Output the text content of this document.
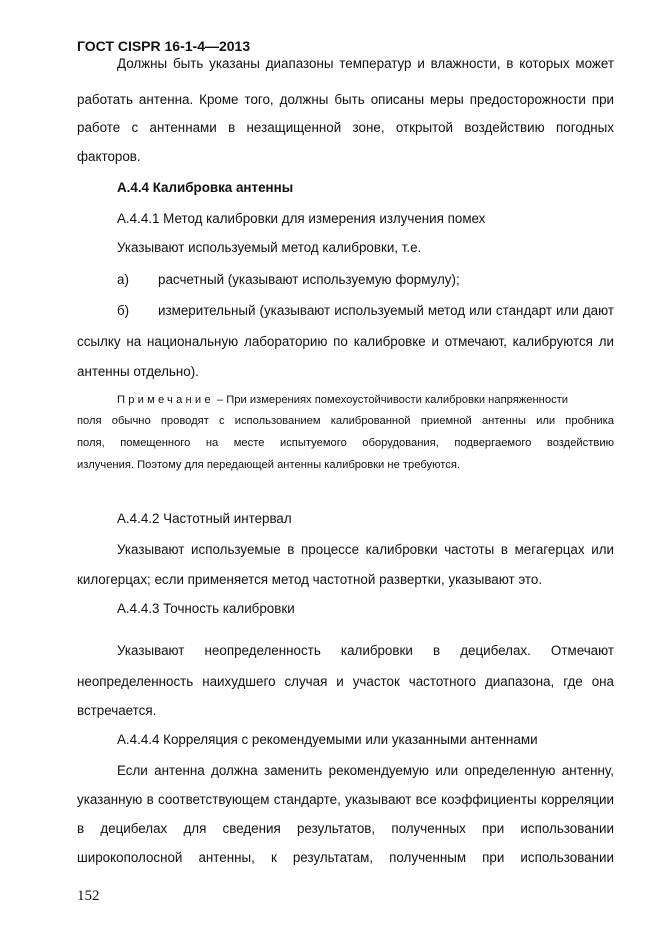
ГОСТ CISPR 16-1-4—2013
Должны быть указаны диапазоны температур и влажности, в которых может
работать антенна. Кроме того, должны быть описаны меры предосторожности при
работе с антеннами в незащищенной зоне, открытой воздействию погодных
факторов.
А.4.4 Калибровка антенны
А.4.4.1 Метод калибровки для измерения излучения помех
Указывают используемый метод калибровки, т.е.
а) расчетный (указывают используемую формулу);
б) измерительный (указывают используемый метод или стандарт или дают
ссылку на национальную лабораторию по калибровке и отмечают, калибруются ли
антенны отдельно).
Примечание – При измерениях помехоустойчивости калибровки напряженности
поля обычно проводят с использованием калиброванной приемной антенны или пробника
поля, помещенного на месте испытуемого оборудования, подвергаемого воздействию
излучения. Поэтому для передающей антенны калибровки не требуются.
А.4.4.2 Частотный интервал
Указывают используемые в процессе калибровки частоты в мегагерцах или
килогерцах; если применяется метод частотной развертки, указывают это.
А.4.4.3 Точность калибровки
Указывают неопределенность калибровки в децибелах. Отмечают
неопределенность наихудшего случая и участок частотного диапазона, где она
встречается.
А.4.4.4 Корреляция с рекомендуемыми или указанными антеннами
Если антенна должна заменить рекомендуемую или определенную антенну,
указанную в соответствующем стандарте, указывают все коэффициенты корреляции
в децибелах для сведения результатов, полученных при использовании
широкополосной антенны, к результатам, полученным при использовании
152
